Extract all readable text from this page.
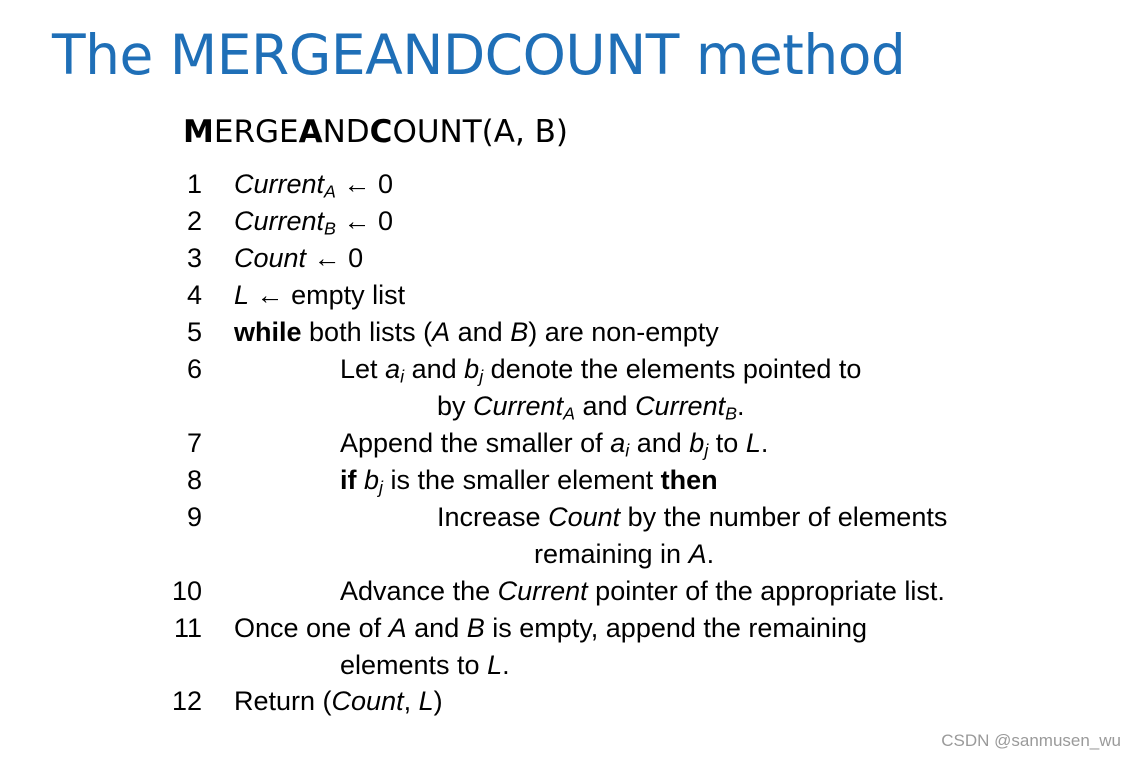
The MERGEANDCOUNT method
MERGEANDCOUNT(A, B)
1 Current$_A$ ← 0
2 Current$_B$ ← 0
3 Count ← 0
4 L ← empty list
5 while both lists (A and B) are non-empty
6	Let $a_i$ and $b_j$ denote the elements pointed to
by Current$_A$ and Current$_B$.
7	Append the smaller of $a_i$ and $b_j$ to L.
8	if $b_j$ is the smaller element then
9	Increase Count by the number of elements
remaining in A.
10	Advance the Current pointer of the appropriate list.
11 Once one of A and B is empty, append the remaining
elements to L.
12 Return (Count, L)
CSDN @sanmusen_wu
